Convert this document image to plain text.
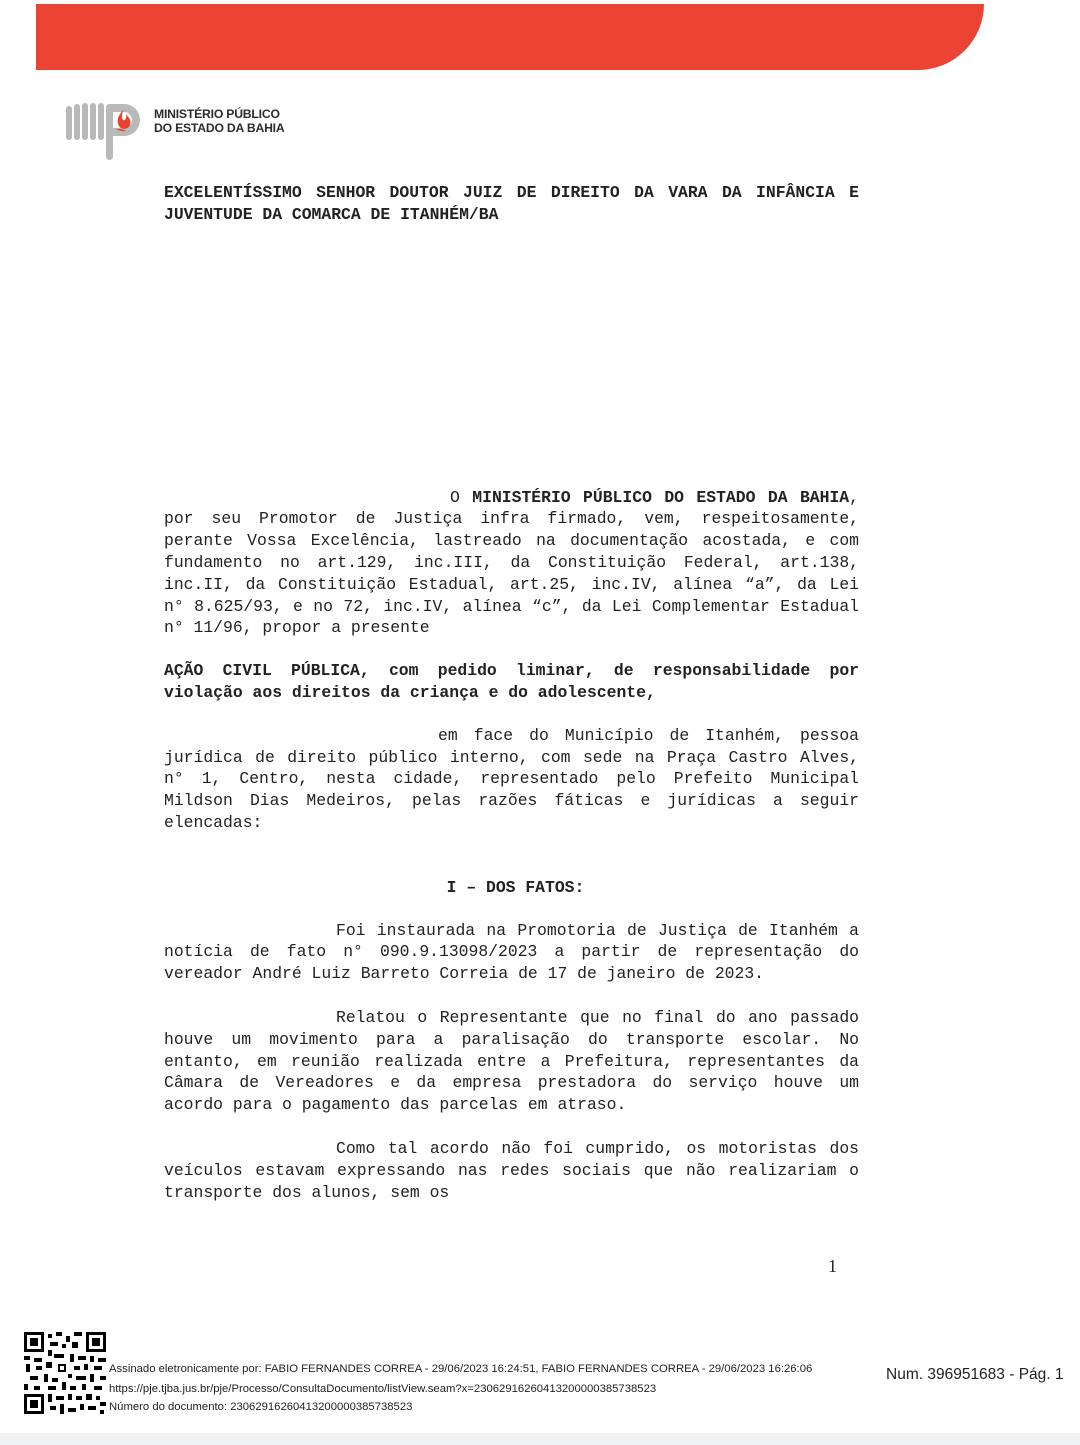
MINISTÉRIO PÚBLICO
DO ESTADO DA BAHIA

EXCELENTÍSSIMO SENHOR DOUTOR JUIZ DE DIREITO DA VARA DA INFÂNCIA E JUVENTUDE DA COMARCA DE ITANHÉM/BA

O MINISTÉRIO PÚBLICO DO ESTADO DA BAHIA, por seu Promotor de Justiça infra firmado, vem, respeitosamente, perante Vossa Excelência, lastreado na documentação acostada, e com fundamento no art.129, inc.III, da Constituição Federal, art.138, inc.II, da Constituição Estadual, art.25, inc.IV, alínea “a”, da Lei n° 8.625/93, e no 72, inc.IV, alínea “c”, da Lei Complementar Estadual n° 11/96, propor a presente

AÇÃO CIVIL PÚBLICA, com pedido liminar, de responsabilidade por violação aos direitos da criança e do adolescente,

em face do Município de Itanhém, pessoa jurídica de direito público interno, com sede na Praça Castro Alves, n° 1, Centro, nesta cidade, representado pelo Prefeito Municipal Mildson Dias Medeiros, pelas razões fáticas e jurídicas a seguir elencadas:

I – DOS FATOS:

Foi instaurada na Promotoria de Justiça de Itanhém a notícia de fato n° 090.9.13098/2023 a partir de representação do vereador André Luiz Barreto Correia de 17 de janeiro de 2023.

Relatou o Representante que no final do ano passado houve um movimento para a paralisação do transporte escolar. No entanto, em reunião realizada entre a Prefeitura, representantes da Câmara de Vereadores e da empresa prestadora do serviço houve um acordo para o pagamento das parcelas em atraso.

Como tal acordo não foi cumprido, os motoristas dos veículos estavam expressando nas redes sociais que não realizariam o transporte dos alunos, sem os

1
Assinado eletronicamente por: FABIO FERNANDES CORREA - 29/06/2023 16:24:51, FABIO FERNANDES CORREA - 29/06/2023 16:26:06
https://pje.tjba.jus.br/pje/Processo/ConsultaDocumento/listView.seam?x=23062916260413200000385738523
Número do documento: 23062916260413200000385738523
Num. 396951683 - Pág. 1
